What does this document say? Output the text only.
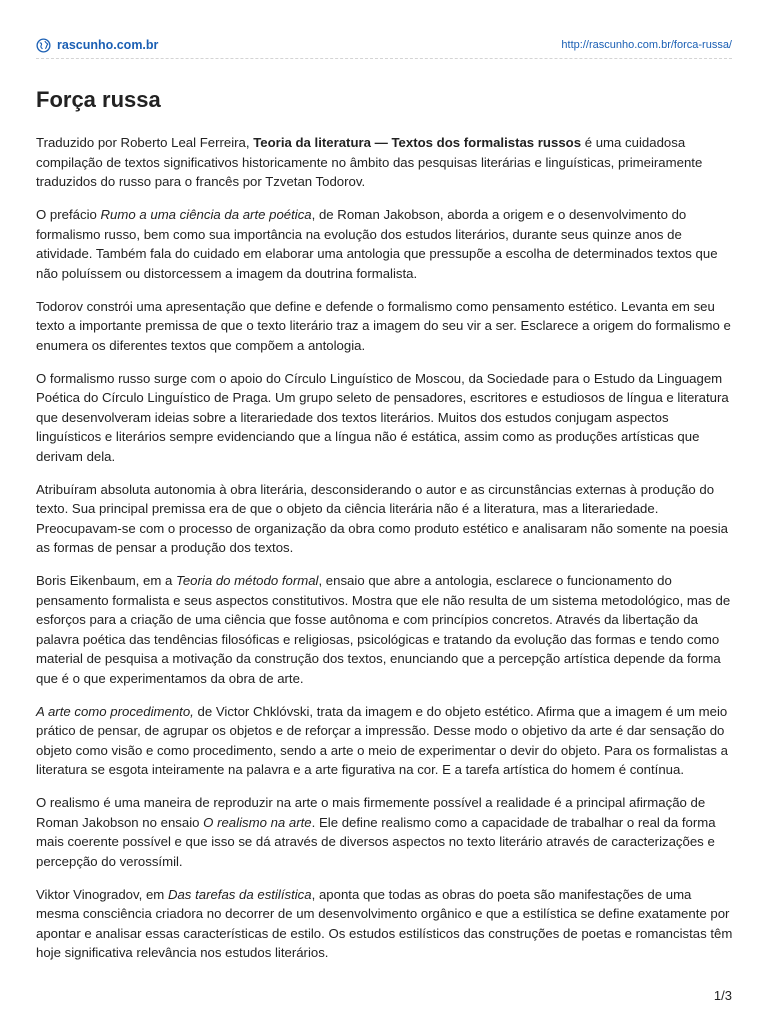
rascunho.com.br	http://rascunho.com.br/forca-russa/
Força russa

Traduzido por Roberto Leal Ferreira, Teoria da literatura — Textos dos formalistas russos é uma cuidadosa compilação de textos significativos historicamente no âmbito das pesquisas literárias e linguísticas, primeiramente traduzidos do russo para o francês por Tzvetan Todorov.

O prefácio Rumo a uma ciência da arte poética, de Roman Jakobson, aborda a origem e o desenvolvimento do formalismo russo, bem como sua importância na evolução dos estudos literários, durante seus quinze anos de atividade. Também fala do cuidado em elaborar uma antologia que pressupõe a escolha de determinados textos que não poluíssem ou distorcessem a imagem da doutrina formalista.

Todorov constrói uma apresentação que define e defende o formalismo como pensamento estético. Levanta em seu texto a importante premissa de que o texto literário traz a imagem do seu vir a ser. Esclarece a origem do formalismo e enumera os diferentes textos que compõem a antologia.

O formalismo russo surge com o apoio do Círculo Linguístico de Moscou, da Sociedade para o Estudo da Linguagem Poética do Círculo Linguístico de Praga. Um grupo seleto de pensadores, escritores e estudiosos de língua e literatura que desenvolveram ideias sobre a literariedade dos textos literários. Muitos dos estudos conjugam aspectos linguísticos e literários sempre evidenciando que a língua não é estática, assim como as produções artísticas que derivam dela.

Atribuíram absoluta autonomia à obra literária, desconsiderando o autor e as circunstâncias externas à produção do texto. Sua principal premissa era de que o objeto da ciência literária não é a literatura, mas a literariedade. Preocupavam-se com o processo de organização da obra como produto estético e analisaram não somente na poesia as formas de pensar a produção dos textos.

Boris Eikenbaum, em a Teoria do método formal, ensaio que abre a antologia, esclarece o funcionamento do pensamento formalista e seus aspectos constitutivos. Mostra que ele não resulta de um sistema metodológico, mas de esforços para a criação de uma ciência que fosse autônoma e com princípios concretos. Através da libertação da palavra poética das tendências filosóficas e religiosas, psicológicas e tratando da evolução das formas e tendo como material de pesquisa a motivação da construção dos textos, enunciando que a percepção artística depende da forma que é o que experimentamos da obra de arte.

A arte como procedimento, de Victor Chklóvski, trata da imagem e do objeto estético. Afirma que a imagem é um meio prático de pensar, de agrupar os objetos e de reforçar a impressão. Desse modo o objetivo da arte é dar sensação do objeto como visão e como procedimento, sendo a arte o meio de experimentar o devir do objeto. Para os formalistas a literatura se esgota inteiramente na palavra e a arte figurativa na cor. E a tarefa artística do homem é contínua.

O realismo é uma maneira de reproduzir na arte o mais firmemente possível a realidade é a principal afirmação de Roman Jakobson no ensaio O realismo na arte. Ele define realismo como a capacidade de trabalhar o real da forma mais coerente possível e que isso se dá através de diversos aspectos no texto literário através de caracterizações e percepção do verossímil.

Viktor Vinogradov, em Das tarefas da estilística, aponta que todas as obras do poeta são manifestações de uma mesma consciência criadora no decorrer de um desenvolvimento orgânico e que a estilística se define exatamente por apontar e analisar essas características de estilo. Os estudos estilísticos das construções de poetas e romancistas têm hoje significativa relevância nos estudos literários.

1/3
